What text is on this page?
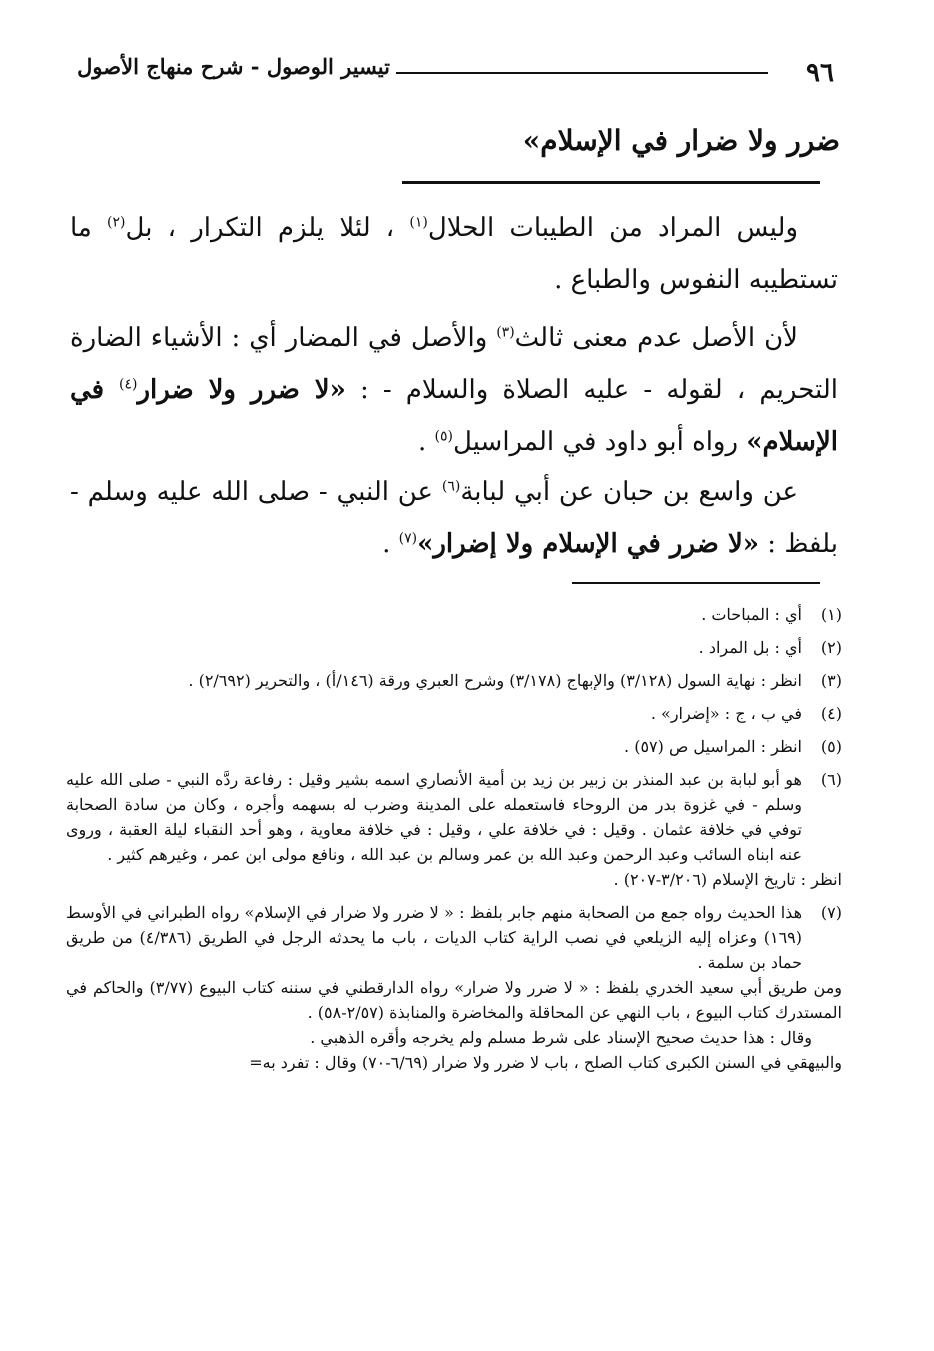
٩٦
تيسير الوصول - شرح منهاج الأصول
ضرر ولا ضرار في الإسلام»
وليس المراد من الطيبات الحلال$^{(١)}$ ، لئلا يلزم التكرار ، بل$^{(٢)}$ ما تستطيبه النفوس والطباع .
لأن الأصل عدم معنى ثالث$^{(٣)}$ والأصل في المضار أي : الأشياء الضارة التحريم ، لقوله - عليه الصلاة والسلام - : «لا ضرر ولا ضرار$^{(٤)}$ في الإسلام» رواه أبو داود في المراسيل$^{(٥)}$ .
عن واسع بن حبان عن أبي لبابة$^{(٦)}$ عن النبي - صلى الله عليه وسلم - بلفظ : «لا ضرر في الإسلام ولا إضرار»$^{(٧)}$ .
(١)
أي : المباحات .
(٢)
أي : بل المراد .
(٣)
انظر : نهاية السول (٣/١٢٨) والإبهاج (٣/١٧٨) وشرح العبري ورقة (١٤٦/أ) ، والتحرير (٢/٦٩٢) .
(٤)
في ب ، ج : «إضرار» .
(٥)
انظر : المراسيل ص (٥٧) .
(٦)
هو أبو لبابة بن عبد المنذر بن زبير بن زيد بن أمية الأنصاري اسمه بشير وقيل : رفاعة ردَّه النبي - صلى الله عليه وسلم - في غزوة بدر من الروحاء فاستعمله على المدينة وضرب له بسهمه وأجره ، وكان من سادة الصحابة توفي في خلافة عثمان . وقيل : في خلافة علي ، وقيل : في خلافة معاوية ، وهو أحد النقباء ليلة العقبة ، وروى عنه ابناه السائب وعبد الرحمن وعبد الله بن عمر وسالم بن عبد الله ، ونافع مولى ابن عمر ، وغيرهم كثير .
انظر : تاريخ الإسلام (٣/٢٠٦-٢٠٧) .
(٧)
هذا الحديث رواه جمع من الصحابة منهم جابر بلفظ : « لا ضرر ولا ضرار في الإسلام» رواه الطبراني في الأوسط (١٦٩) وعزاه إليه الزيلعي في نصب الراية كتاب الديات ، باب ما يحدثه الرجل في الطريق (٤/٣٨٦) من طريق حماد بن سلمة .
ومن طريق أبي سعيد الخدري بلفظ : « لا ضرر ولا ضرار» رواه الدارقطني في سننه كتاب البيوع (٣/٧٧) والحاكم في المستدرك كتاب البيوع ، باب النهي عن المحاقلة والمخاضرة والمنابذة (٢/٥٧-٥٨) .
وقال : هذا حديث صحيح الإسناد على شرط مسلم ولم يخرجه وأقره الذهبي .
والبيهقي في السنن الكبرى كتاب الصلح ، باب لا ضرر ولا ضرار (٦/٦٩-٧٠) وقال : تفرد به=
